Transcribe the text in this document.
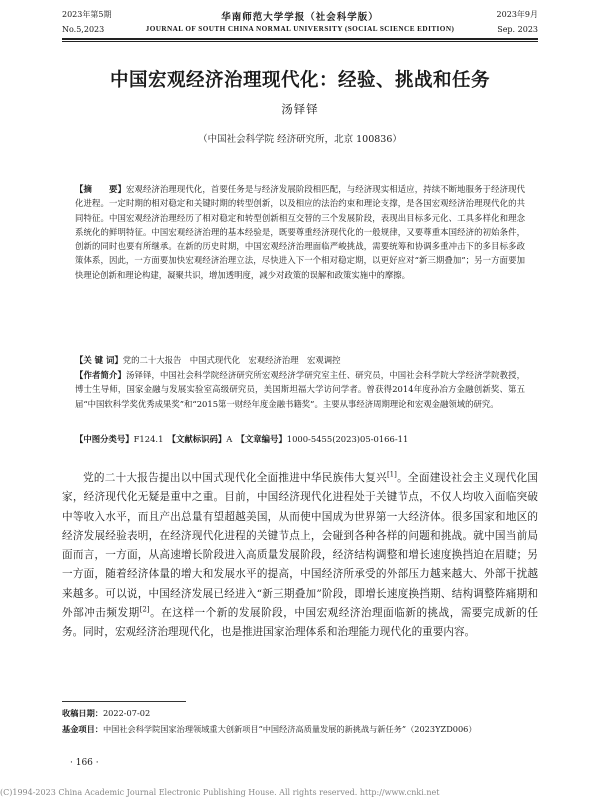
2023年第5期
No.5,2023
华南师范大学学报（社会科学版）
JOURNAL OF SOUTH CHINA NORMAL UNIVERSITY (SOCIAL SCIENCE EDITION)
2023年9月
Sep. 2023
中国宏观经济治理现代化：经验、挑战和任务
汤铎铎
（中国社会科学院 经济研究所，北京 100836）
【摘　　要】宏观经济治理现代化，首要任务是与经济发展阶段相匹配，与经济现实相适应，持续不断地服务于经济现代化进程。一定时期的相对稳定和关键时期的转型创新，以及相应的法治约束和理论支撑，是各国宏观经济治理现代化的共同特征。中国宏观经济治理经历了相对稳定和转型创新相互交替的三个发展阶段，表现出目标多元化、工具多样化和理念系统化的鲜明特征。中国宏观经济治理的基本经验是，既要尊重经济现代化的一般规律，又要尊重本国经济的初始条件，创新的同时也要有所继承。在新的历史时期，中国宏观经济治理面临严峻挑战，需要统筹和协调多重冲击下的多目标多政策体系，因此，一方面要加快宏观经济治理立法，尽快进入下一个相对稳定期，以更好应对“新三期叠加”；另一方面要加快理论创新和理论构建，凝聚共识，增加透明度，减少对政策的误解和政策实施中的摩擦。
【关 键 词】党的二十大报告　中国式现代化　宏观经济治理　宏观调控
【作者简介】汤铎铎，中国社会科学院经济研究所宏观经济学研究室主任、研究员，中国社会科学院大学经济学院教授，博士生导师，国家金融与发展实验室高级研究员，美国斯坦福大学访问学者。曾获得2014年度孙冶方金融创新奖、第五届“中国软科学奖优秀成果奖”和“2015第一财经年度金融书籍奖”。主要从事经济周期理论和宏观金融领域的研究。
【中图分类号】F124.1　 【文献标识码】A　 【文章编号】1000-5455(2023)05-0166-11
党的二十大报告提出以中国式现代化全面推进中华民族伟大复兴[1]。全面建设社会主义现代化国家，经济现代化无疑是重中之重。目前，中国经济现代化进程处于关键节点，不仅人均收入面临突破中等收入水平，而且产出总量有望超越美国，从而使中国成为世界第一大经济体。很多国家和地区的经济发展经验表明，在经济现代化进程的关键节点上，会碰到各种各样的问题和挑战。就中国当前局面而言，一方面，从高速增长阶段进入高质量发展阶段，经济结构调整和增长速度换挡迫在眉睫；另一方面，随着经济体量的增大和发展水平的提高，中国经济所承受的外部压力越来越大、外部干扰越来越多。可以说，中国经济发展已经进入“新三期叠加”阶段，即增长速度换挡期、结构调整阵痛期和外部冲击频发期[2]。在这样一个新的发展阶段，中国宏观经济治理面临新的挑战，需要完成新的任务。同时，宏观经济治理现代化，也是推进国家治理体系和治理能力现代化的重要内容。
收稿日期：2022-07-02
基金项目：中国社会科学院国家治理领域重大创新项目“中国经济高质量发展的新挑战与新任务”（2023YZD006）
· 166 ·
(C)1994-2023 China Academic Journal Electronic Publishing House. All rights reserved. http://www.cnki.net
